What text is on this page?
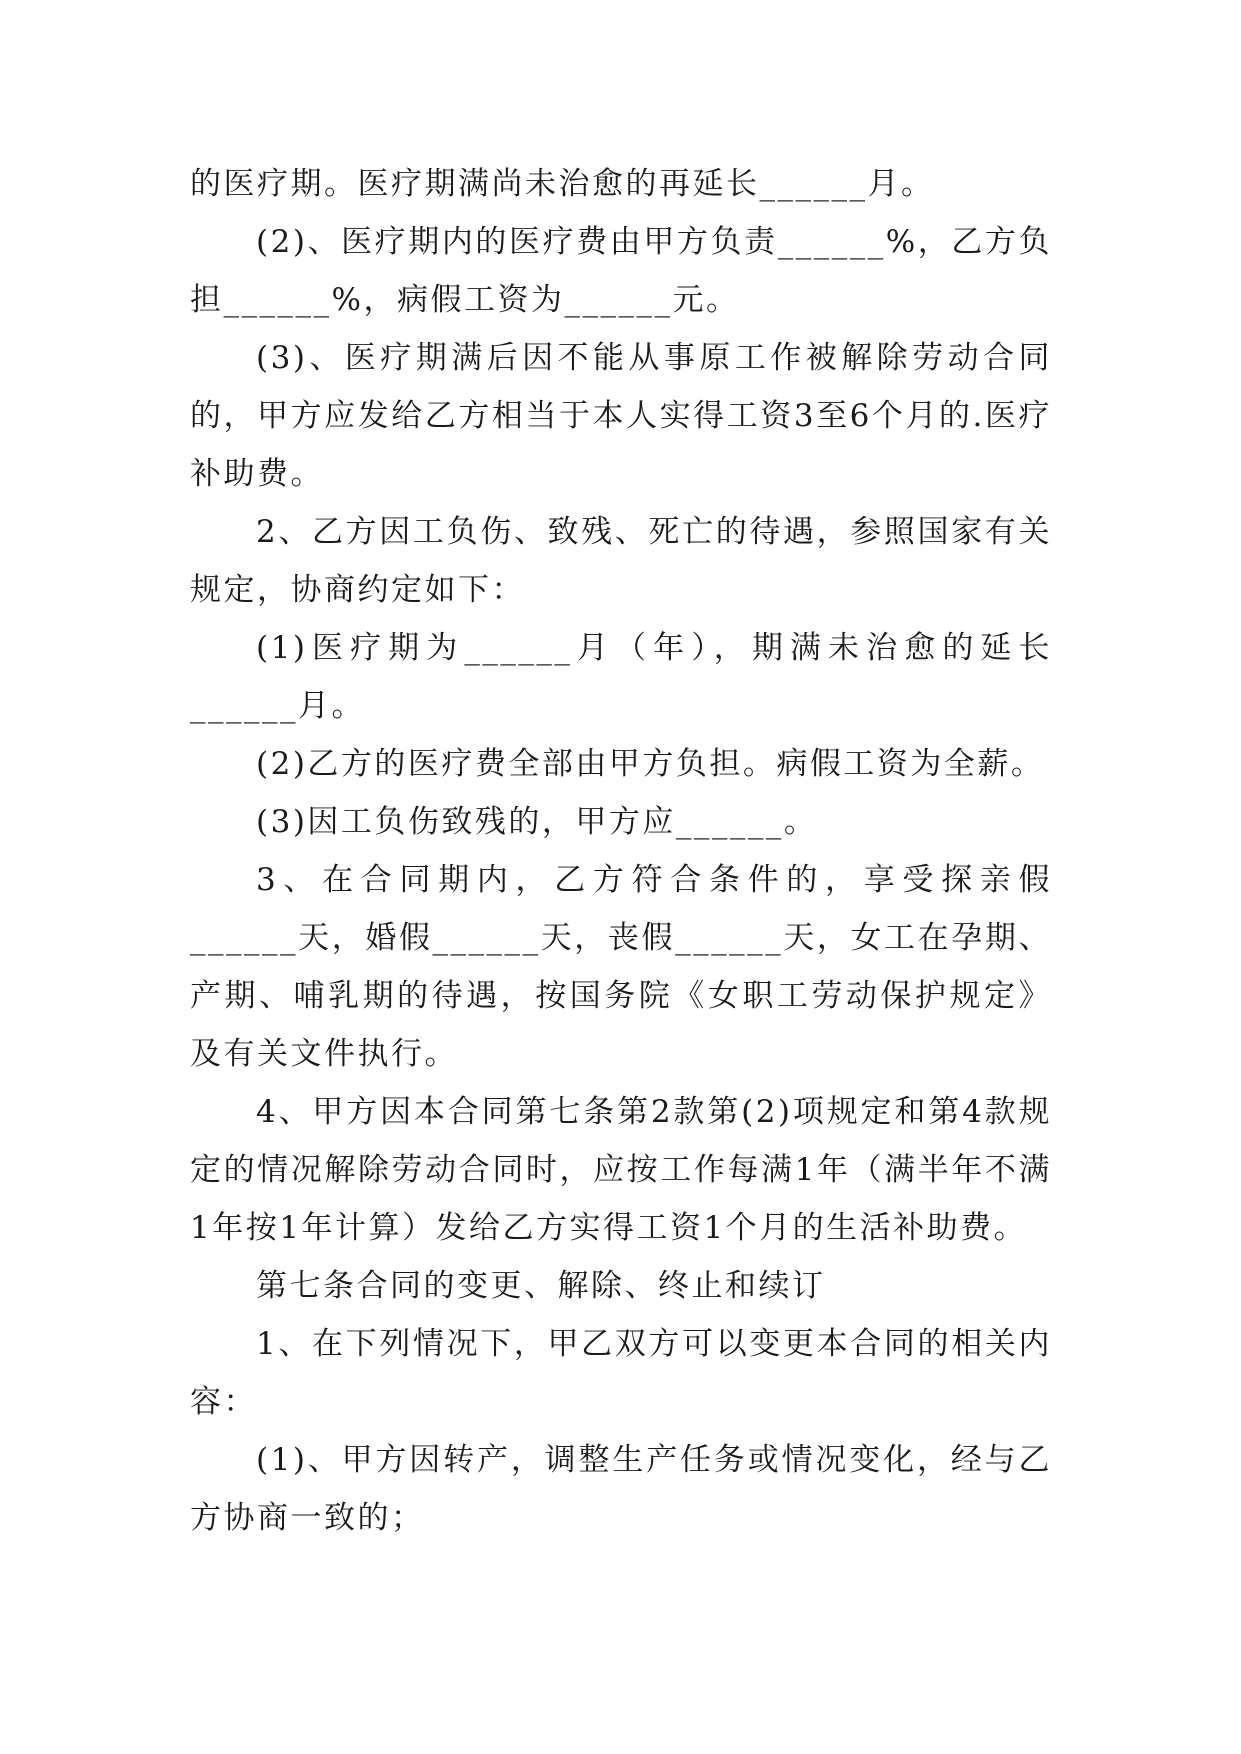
的医疗期。医疗期满尚未治愈的再延长______月。

(2)、医疗期内的医疗费由甲方负责______%，乙方负担______%，病假工资为______元。

(3)、医疗期满后因不能从事原工作被解除劳动合同的，甲方应发给乙方相当于本人实得工资3至6个月的.医疗补助费。

2、乙方因工负伤、致残、死亡的待遇，参照国家有关规定，协商约定如下：

(1)医疗期为______月（年），期满未治愈的延长______月。

(2)乙方的医疗费全部由甲方负担。病假工资为全薪。

(3)因工负伤致残的，甲方应______。

3、在合同期内，乙方符合条件的，享受探亲假______天，婚假______天，丧假______天，女工在孕期、产期、哺乳期的待遇，按国务院《女职工劳动保护规定》及有关文件执行。

4、甲方因本合同第七条第2款第(2)项规定和第4款规定的情况解除劳动合同时，应按工作每满1年（满半年不满1年按1年计算）发给乙方实得工资1个月的生活补助费。

第七条合同的变更、解除、终止和续订

1、在下列情况下，甲乙双方可以变更本合同的相关内容：

(1)、甲方因转产，调整生产任务或情况变化，经与乙方协商一致的；
